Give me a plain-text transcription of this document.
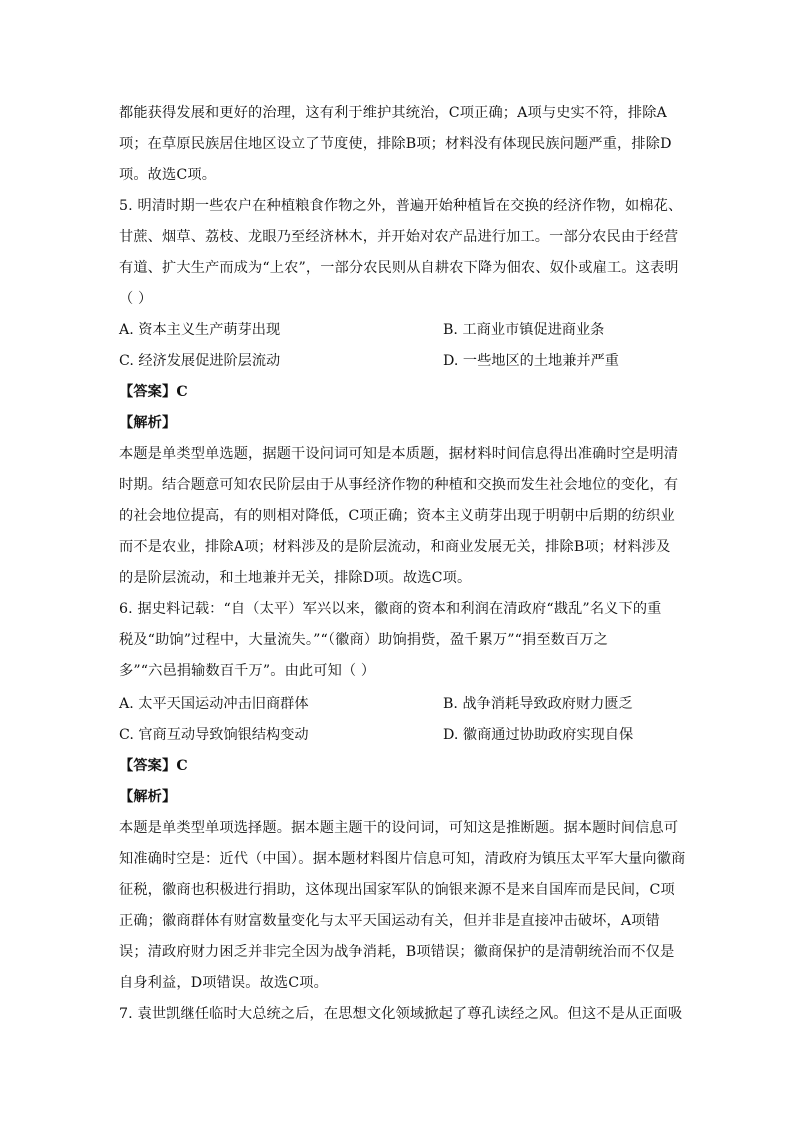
都能获得发展和更好的治理，这有利于维护其统治，C项正确；A项与史实不符，排除A
项；在草原民族居住地区设立了节度使，排除B项；材料没有体现民族问题严重，排除D
项。故选C项。
5. 明清时期一些农户在种植粮食作物之外，普遍开始种植旨在交换的经济作物，如棉花、
甘蔗、烟草、荔枝、龙眼乃至经济林木，并开始对农产品进行加工。一部分农民由于经营
有道、扩大生产而成为“上农”，一部分农民则从自耕农下降为佃农、奴仆或雇工。这表明
（ ）
A. 资本主义生产萌芽出现	B. 工商业市镇促进商业条
C. 经济发展促进阶层流动	D. 一些地区的土地兼并严重
【答案】C
【解析】
本题是单类型单选题，据题干设问词可知是本质题，据材料时间信息得出准确时空是明清
时期。结合题意可知农民阶层由于从事经济作物的种植和交换而发生社会地位的变化，有
的社会地位提高，有的则相对降低，C项正确；资本主义萌芽出现于明朝中后期的纺织业
而不是农业，排除A项；材料涉及的是阶层流动，和商业发展无关，排除B项；材料涉及
的是阶层流动，和土地兼并无关，排除D项。故选C项。
6. 据史料记载：“自（太平）军兴以来，徽商的资本和利润在清政府“戡乱”名义下的重
税及“助饷”过程中，大量流失。”“（徽商）助饷捐赀，盈千累万”“捐至数百万之
多”“六邑捐输数百千万”。由此可知（ ）
A. 太平天国运动冲击旧商群体	B. 战争消耗导致政府财力匮乏
C. 官商互动导致饷银结构变动	D. 徽商通过协助政府实现自保
【答案】C
【解析】
本题是单类型单项选择题。据本题主题干的设问词，可知这是推断题。据本题时间信息可
知准确时空是：近代（中国）。据本题材料图片信息可知，清政府为镇压太平军大量向徽商
征税，徽商也积极进行捐助，这体现出国家军队的饷银来源不是来自国库而是民间，C项
正确；徽商群体有财富数量变化与太平天国运动有关，但并非是直接冲击破坏，A项错
误；清政府财力困乏并非完全因为战争消耗，B项错误；徽商保护的是清朝统治而不仅是
自身利益，D项错误。故选C项。
7. 袁世凯继任临时大总统之后，在思想文化领域掀起了尊孔读经之风。但这不是从正面吸
